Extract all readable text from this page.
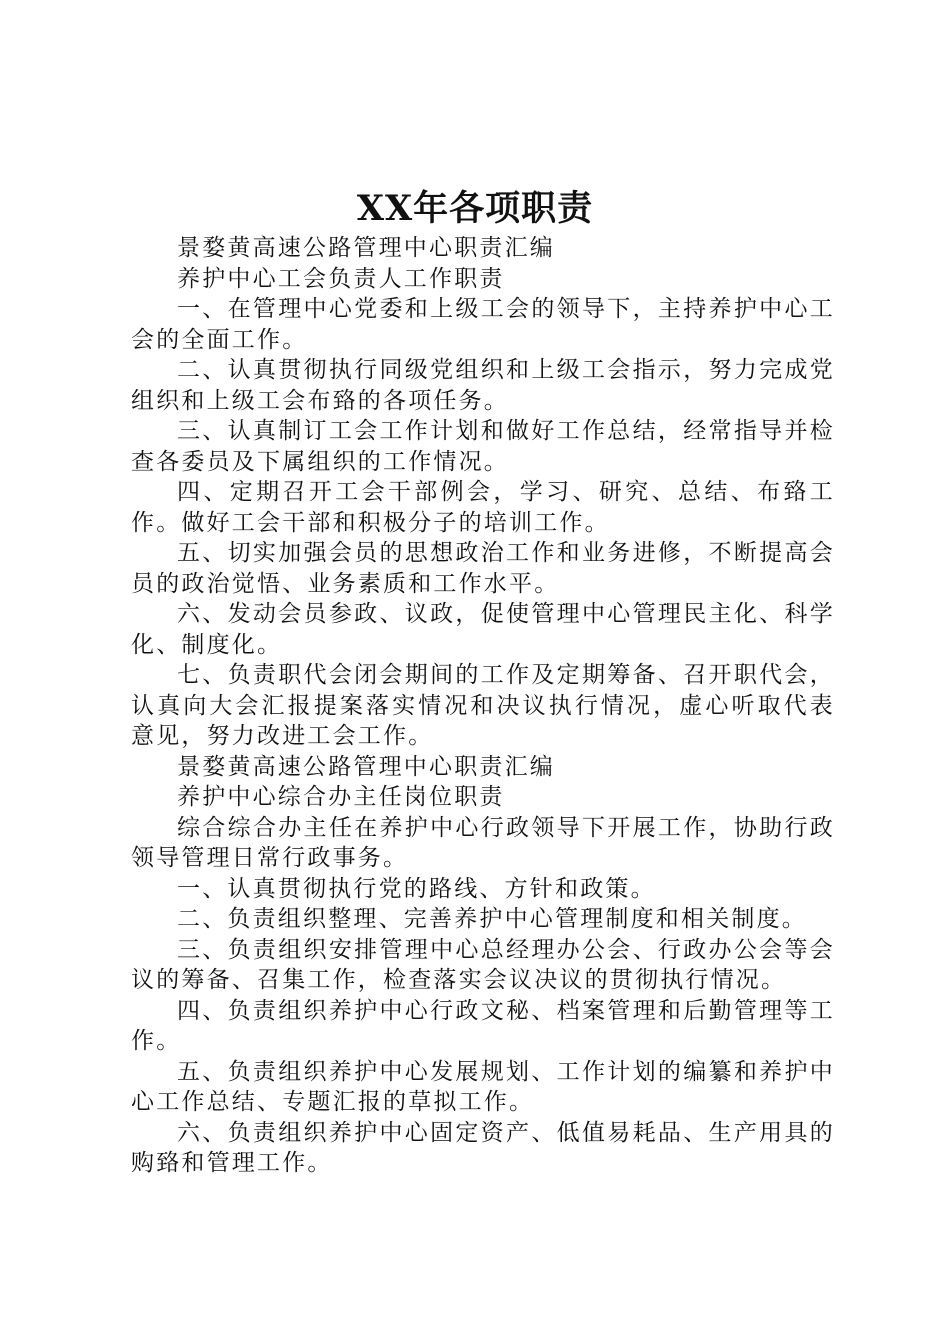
XX年各项职责

景婺黄高速公路管理中心职责汇编

养护中心工会负责人工作职责

一、在管理中心党委和上级工会的领导下，主持养护中心工会的全面工作。

二、认真贯彻执行同级党组织和上级工会指示，努力完成党组织和上级工会布臵的各项任务。

三、认真制订工会工作计划和做好工作总结，经常指导并检查各委员及下属组织的工作情况。

四、定期召开工会干部例会，学习、研究、总结、布臵工作。做好工会干部和积极分子的培训工作。

五、切实加强会员的思想政治工作和业务进修，不断提高会员的政治觉悟、业务素质和工作水平。

六、发动会员参政、议政，促使管理中心管理民主化、科学化、制度化。

七、负责职代会闭会期间的工作及定期筹备、召开职代会，认真向大会汇报提案落实情况和决议执行情况，虚心听取代表意见，努力改进工会工作。

景婺黄高速公路管理中心职责汇编

养护中心综合办主任岗位职责

综合综合办主任在养护中心行政领导下开展工作，协助行政领导管理日常行政事务。

一、认真贯彻执行党的路线、方针和政策。

二、负责组织整理、完善养护中心管理制度和相关制度。

三、负责组织安排管理中心总经理办公会、行政办公会等会议的筹备、召集工作，检查落实会议决议的贯彻执行情况。

四、负责组织养护中心行政文秘、档案管理和后勤管理等工作。

五、负责组织养护中心发展规划、工作计划的编纂和养护中心工作总结、专题汇报的草拟工作。

六、负责组织养护中心固定资产、低值易耗品、生产用具的购臵和管理工作。
